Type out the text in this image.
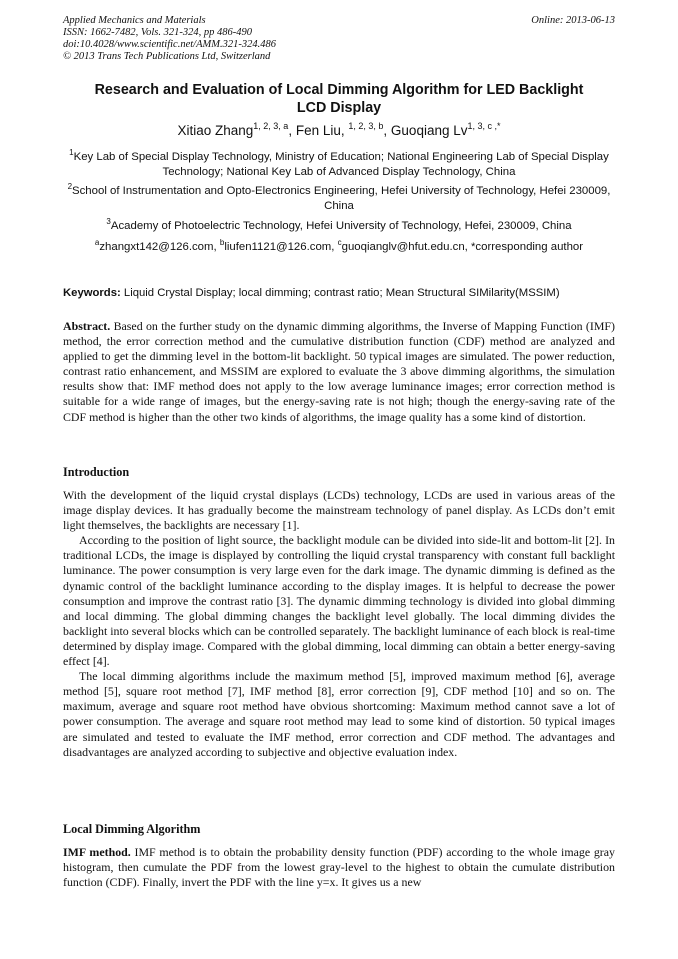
Applied Mechanics and Materials
ISSN: 1662-7482, Vols. 321-324, pp 486-490
doi:10.4028/www.scientific.net/AMM.321-324.486
© 2013 Trans Tech Publications Ltd, Switzerland
Online: 2013-06-13
Research and Evaluation of Local Dimming Algorithm for LED Backlight
LCD Display
Xitiao Zhang$^{1, 2, 3, a}$, Fen Liu, $^{1, 2, 3, b}$, Guoqiang $Lv^{1, 3, c ,*}$
$^1$Key Lab of Special Display Technology, Ministry of Education; National Engineering Lab of Special Display Technology; National Key Lab of Advanced Display Technology, China
$^2$School of Instrumentation and Opto-Electronics Engineering, Hefei University of Technology, Hefei 230009, China
$^3$Academy of Photoelectric Technology, Hefei University of Technology, Hefei, 230009, China
$^a$zhangxt142@126.com, $^b$liufen1121@126.com, $^c$guoqianglv@hfut.edu.cn, *corresponding author
Keywords: Liquid Crystal Display; local dimming; contrast ratio; Mean Structural SIMilarity(MSSIM)

Abstract. Based on the further study on the dynamic dimming algorithms, the Inverse of Mapping Function (IMF) method, the error correction method and the cumulative distribution function (CDF) method are analyzed and applied to get the dimming level in the bottom-lit backlight. 50 typical images are simulated. The power reduction, contrast ratio enhancement, and MSSIM are explored to evaluate the 3 above dimming algorithms, the simulation results show that: IMF method does not apply to the low average luminance images; error correction method is suitable for a wide range of images, but the energy-saving rate is not high; though the energy-saving rate of the CDF method is higher than the other two kinds of algorithms, the image quality has a some kind of distortion.

Introduction

With the development of the liquid crystal displays (LCDs) technology, LCDs are used in various areas of the image display devices. It has gradually become the mainstream technology of panel display. As LCDs don’t emit light themselves, the backlights are necessary [1].

According to the position of light source, the backlight module can be divided into side-lit and bottom-lit [2]. In traditional LCDs, the image is displayed by controlling the liquid crystal transparency with constant full backlight luminance. The power consumption is very large even for the dark image. The dynamic dimming is defined as the dynamic control of the backlight luminance according to the display images. It is helpful to decrease the power consumption and improve the contrast ratio [3]. The dynamic dimming technology is divided into global dimming and local dimming. The global dimming changes the backlight level globally. The local dimming divides the backlight into several blocks which can be controlled separately. The backlight luminance of each block is real-time determined by display image. Compared with the global dimming, local dimming can obtain a better energy-saving effect [4].

The local dimming algorithms include the maximum method [5], improved maximum method [6], average method [5], square root method [7], IMF method [8], error correction [9], CDF method [10] and so on. The maximum, average and square root method have obvious shortcoming: Maximum method cannot save a lot of power consumption. The average and square root method may lead to some kind of distortion. 50 typical images are simulated and tested to evaluate the IMF method, error correction and CDF method. The advantages and disadvantages are analyzed according to subjective and objective evaluation index.

Local Dimming Algorithm

IMF method. IMF method is to obtain the probability density function (PDF) according to the whole image gray histogram, then cumulate the PDF from the lowest gray-level to the highest to obtain the cumulate distribution function (CDF). Finally, invert the PDF with the line y=x. It gives us a new
